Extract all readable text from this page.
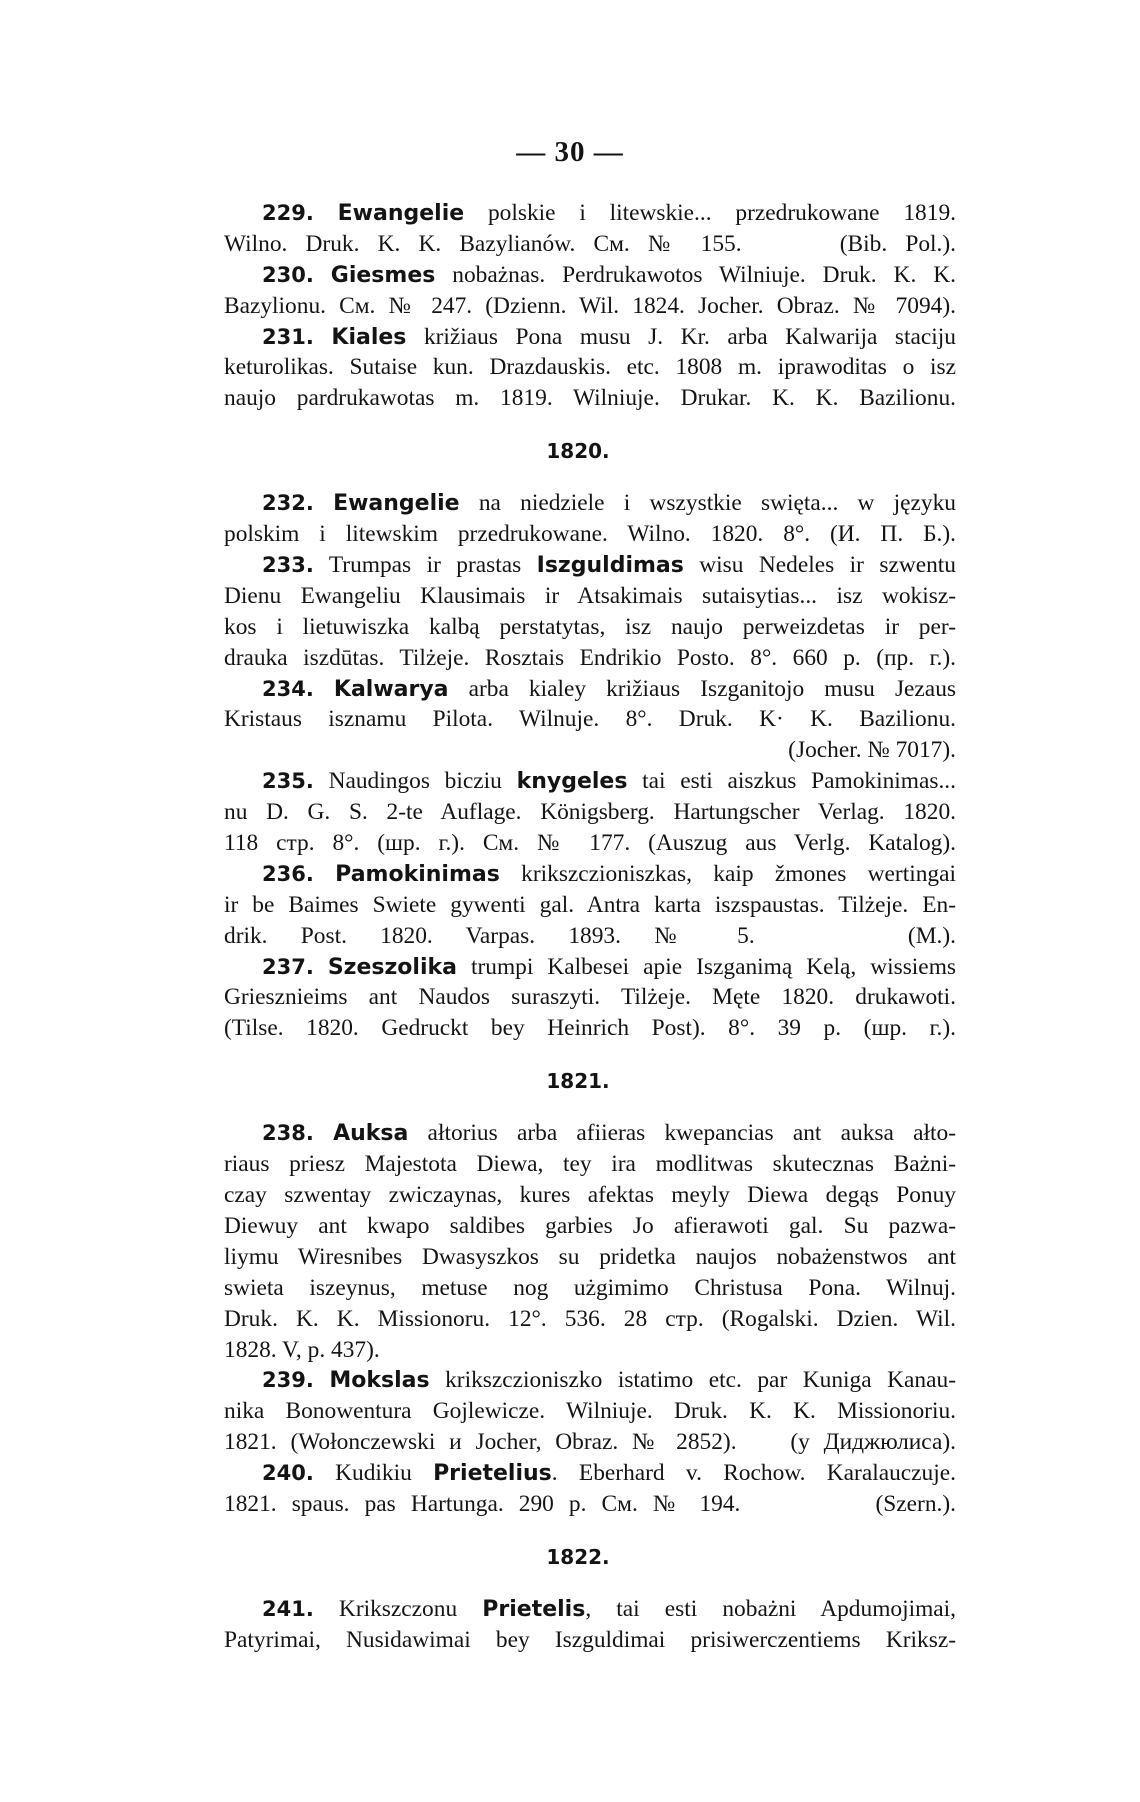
— 30 —
229. Ewangelie polskie i litewskie... przedrukowane 1819.
Wilno. Druk. K. K. Bazylianów. См. № 155.	(Bib. Pol.).
230. Giesmes nobażnas. Perdrukawotos Wilniuje. Druk. K. K.
Bazylionu. См. № 247. (Dzienn. Wil. 1824. Jocher. Obraz. № 7094).
231. Kiales križiaus Pona musu J. Kr. arba Kalwarija staciju
keturolikas. Sutaise kun. Drazdauskis. etc. 1808 m. iprawoditas o isz
naujo pardrukawotas m. 1819. Wilniuje. Drukar. K. K. Bazilionu.
1820.
232. Ewangelie na niedziele i wszystkie swięta... w języku
polskim i litewskim przedrukowane. Wilno. 1820. 8°. (И. П. Б.).
233. Trumpas ir prastas Iszguldimas wisu Nedeles ir szwentu
Dienu Ewangeliu Klausimais ir Atsakimais sutaisytias... isz wokisz-
kos i lietuwiszka kalbą perstatytas, isz naujo perweizdetas ir per-
drauka iszdūtas. Tilżeje. Rosztais Endrikio Posto. 8°. 660 p. (пр. г.).
234. Kalwarya arba kialey križiaus Iszganitojo musu Jezaus
Kristaus isznamu Pilota. Wilnuje. 8°. Druk. K· K. Bazilionu.
(Jocher. № 7017).
235. Naudingos bicziu knygeles tai esti aiszkus Pamokinimas...
nu D. G. S. 2-te Auflage. Königsberg. Hartungscher Verlag. 1820.
118 стр. 8°. (шр. г.). См. № 177. (Auszug aus Verlg. Katalog).
236. Pamokinimas krikszczioniszkas, kaip žmones wertingai
ir be Baimes Swiete gywenti gal. Antra karta iszspaustas. Tilżeje. En-
drik. Post. 1820. Varpas. 1893. № 5.	(M.).
237. Szeszolika trumpi Kalbesei apie Iszganimą Kelą, wissiems
Griesznieims ant Naudos suraszyti. Tilżeje. Męte 1820. drukawoti.
(Tilse. 1820. Gedruckt bey Heinrich Post). 8°. 39 p. (шр. г.).
1821.
238. Auksa ałtorius arba afiieras kwepancias ant auksa ałto-
riaus priesz Majestota Diewa, tey ira modlitwas skutecznas Bażni-
czay szwentay zwiczaynas, kures afektas meyly Diewa degąs Ponuy
Diewuy ant kwapo saldibes garbies Jo afierawoti gal. Su pazwa-
liymu Wiresnibes Dwasyszkos su pridetka naujos nobażenstwos ant
swieta iszeynus, metuse nog użgimimo Christusa Pona. Wilnuj.
Druk. K. K. Missionoru. 12°. 536. 28 стр. (Rogalski. Dzien. Wil.
1828. V, p. 437).
239. Mokslas krikszczioniszko istatimo etc. par Kuniga Kanau-
nika Bonowentura Gojlewicze. Wilniuje. Druk. K. K. Missionoriu.
1821. (Wołonczewski и Jocher, Obraz. № 2852). (у Диджюлиса).
240. Kudikiu Prietelius. Eberhard v. Rochow. Karalauczuje.
1821. spaus. pas Hartunga. 290 p. См. № 194.	(Szern.).
1822.
241. Krikszczonu Prietelis, tai esti nobażni Apdumojimai,
Patyrimai, Nusidawimai bey Iszguldimai prisiwerczentiems Kriksz-
